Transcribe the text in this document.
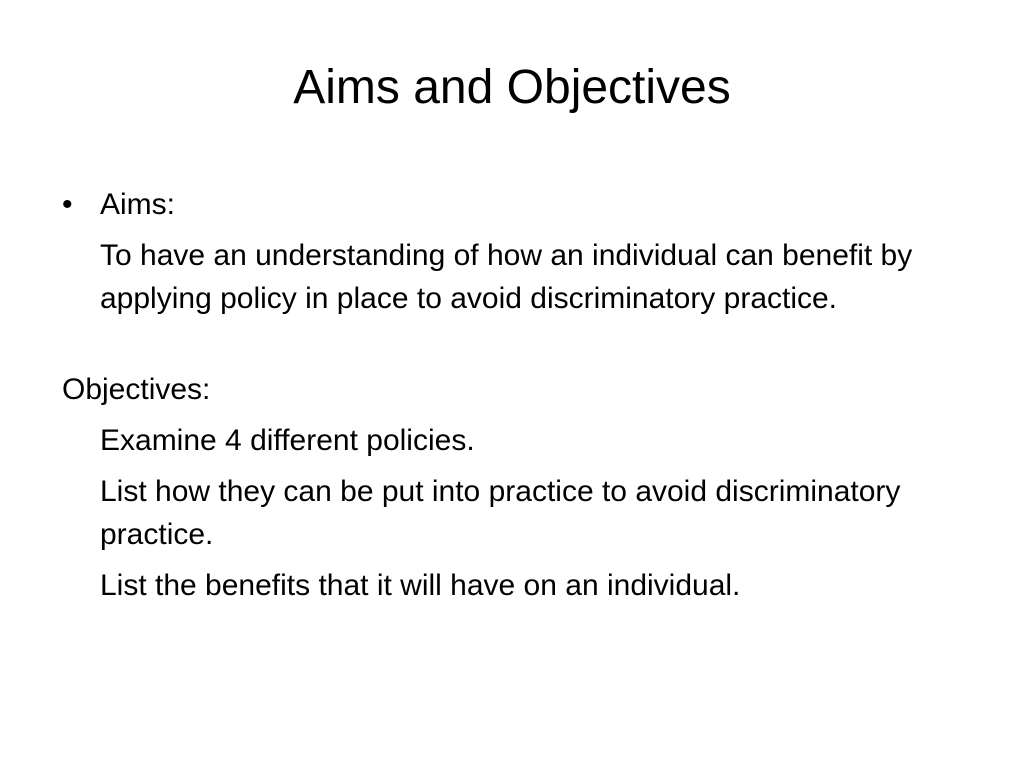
Aims and Objectives
• Aims:

To have an understanding of how an individual can benefit by applying policy in place to avoid discriminatory practice.

Objectives:

Examine 4 different policies.

List how they can be put into practice to avoid discriminatory practice.

List the benefits that it will have on an individual.
